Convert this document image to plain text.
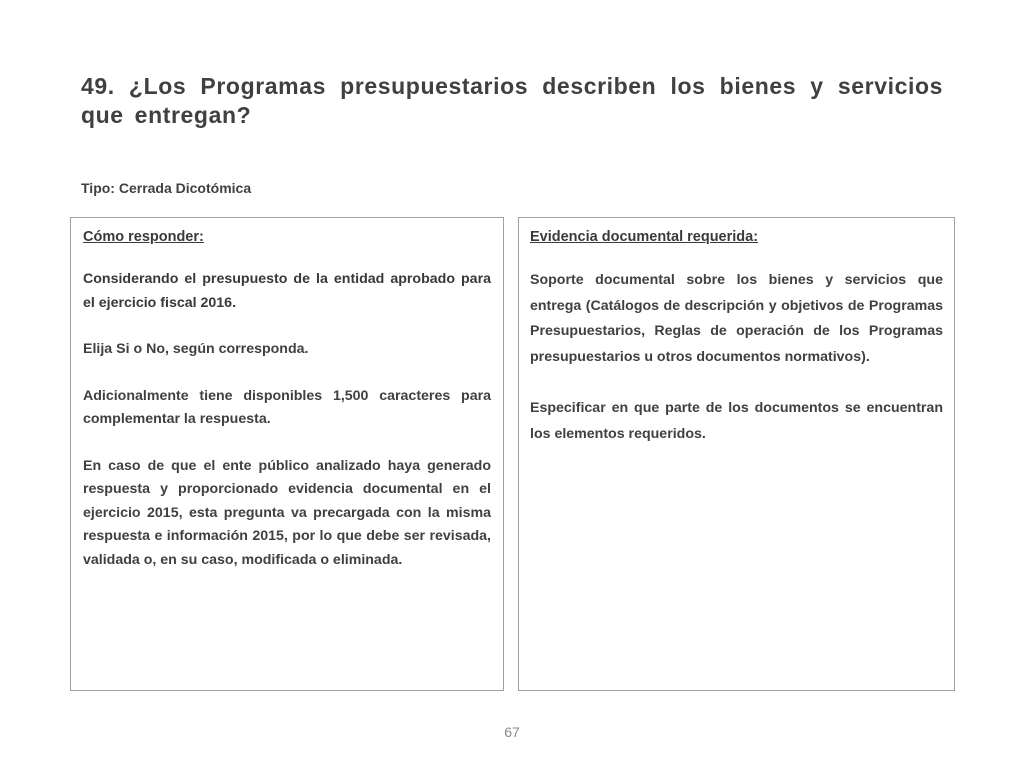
49. ¿Los Programas presupuestarios describen los bienes y servicios que entregan?

Tipo: Cerrada Dicotómica

Cómo responder:

Considerando el presupuesto de la entidad aprobado para el ejercicio fiscal 2016.

Elija Si o No, según corresponda.

Adicionalmente tiene disponibles 1,500 caracteres para complementar la respuesta.

En caso de que el ente público analizado haya generado respuesta y proporcionado evidencia documental en el ejercicio 2015, esta pregunta va precargada con la misma respuesta e información 2015, por lo que debe ser revisada, validada o, en su caso, modificada o eliminada.

Evidencia documental requerida:

Soporte documental sobre los bienes y servicios que entrega (Catálogos de descripción y objetivos de Programas Presupuestarios, Reglas de operación de los Programas presupuestarios u otros documentos normativos).

Especificar en que parte de los documentos se encuentran los elementos requeridos.

67
